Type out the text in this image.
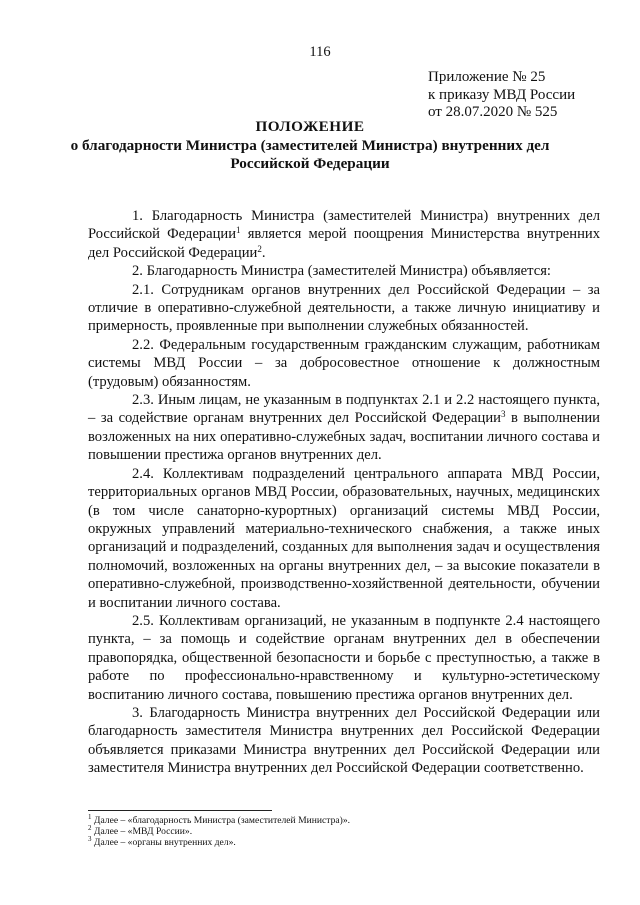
116
Приложение № 25
к приказу МВД России
от 28.07.2020 № 525
ПОЛОЖЕНИЕ
о благодарности Министра (заместителей Министра) внутренних дел Российской Федерации

1. Благодарность Министра (заместителей Министра) внутренних дел Российской Федерации$^1$ является мерой поощрения Министерства внутренних дел Российской Федерации$^2$.

2. Благодарность Министра (заместителей Министра) объявляется:

2.1. Сотрудникам органов внутренних дел Российской Федерации – за отличие в оперативно-служебной деятельности, а также личную инициативу и примерность, проявленные при выполнении служебных обязанностей.

2.2. Федеральным государственным гражданским служащим, работникам системы МВД России – за добросовестное отношение к должностным (трудовым) обязанностям.

2.3. Иным лицам, не указанным в подпунктах 2.1 и 2.2 настоящего пункта, – за содействие органам внутренних дел Российской Федерации$^3$ в выполнении возложенных на них оперативно-служебных задач, воспитании личного состава и повышении престижа органов внутренних дел.

2.4. Коллективам подразделений центрального аппарата МВД России, территориальных органов МВД России, образовательных, научных, медицинских (в том числе санаторно-курортных) организаций системы МВД России, окружных управлений материально-технического снабжения, а также иных организаций и подразделений, созданных для выполнения задач и осуществления полномочий, возложенных на органы внутренних дел, – за высокие показатели в оперативно-служебной, производственно-хозяйственной деятельности, обучении и воспитании личного состава.

2.5. Коллективам организаций, не указанным в подпункте 2.4 настоящего пункта, – за помощь и содействие органам внутренних дел в обеспечении правопорядка, общественной безопасности и борьбе с преступностью, а также в работе по профессионально-нравственному и культурно-эстетическому воспитанию личного состава, повышению престижа органов внутренних дел.

3. Благодарность Министра внутренних дел Российской Федерации или благодарность заместителя Министра внутренних дел Российской Федерации объявляется приказами Министра внутренних дел Российской Федерации или заместителя Министра внутренних дел Российской Федерации соответственно.

$^1$ Далее – «благодарность Министра (заместителей Министра)».
$^2$ Далее – «МВД России».
$^3$ Далее – «органы внутренних дел».
